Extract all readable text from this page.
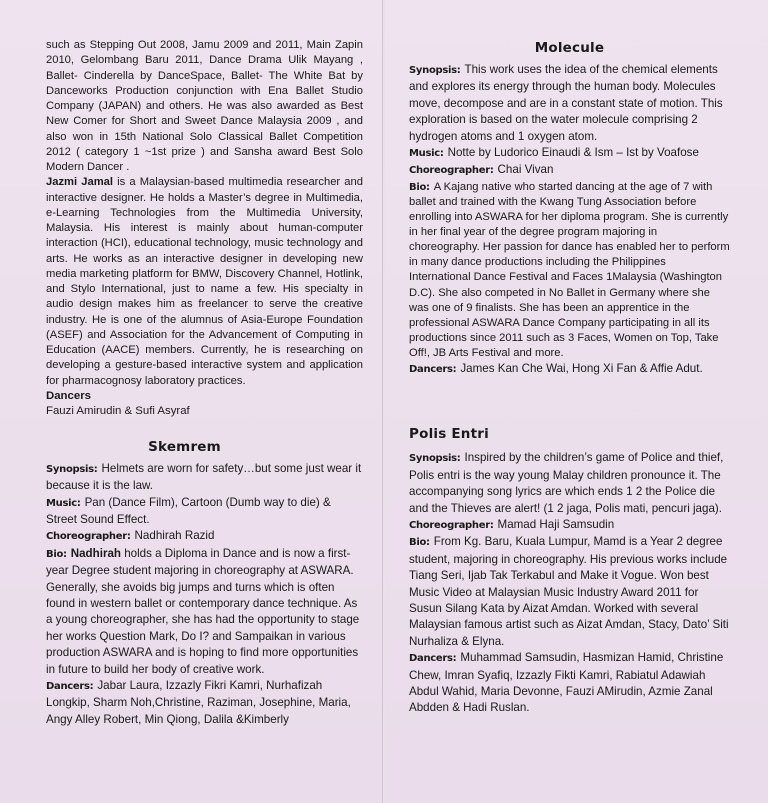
such as Stepping Out 2008, Jamu 2009 and 2011, Main Zapin 2010, Gelombang Baru 2011, Dance Drama Ulik Mayang , Ballet- Cinderella by DanceSpace, Ballet- The White Bat by Danceworks Production conjunction with Ena Ballet Studio Company (JAPAN) and others. He was also awarded as Best New Comer for Short and Sweet Dance Malaysia 2009 , and also won in 15th National Solo Classical Ballet Competition 2012 ( category 1 ~1st prize ) and Sansha award Best Solo Modern Dancer .

Jazmi Jamal is a Malaysian-based multimedia researcher and interactive designer. He holds a Master’s degree in Multimedia, e-Learning Technologies from the Multimedia University, Malaysia. His interest is mainly about human-computer interaction (HCI), educational technology, music technology and arts. He works as an interactive designer in developing new media marketing platform for BMW, Discovery Channel, Hotlink, and Stylo International, just to name a few. His specialty in audio design makes him as freelancer to serve the creative industry. He is one of the alumnus of Asia-Europe Foundation (ASEF) and Association for the Advancement of Computing in Education (AACE) members. Currently, he is researching on developing a gesture-based interactive system and application for pharmacognosy laboratory practices.

Dancers
Fauzi Amirudin & Sufi Asyraf
Skemrem

Synopsis: Helmets are worn for safety…but some just wear it because it is the law.

Music: Pan (Dance Film), Cartoon (Dumb way to die) & Street Sound Effect.

Choreographer: Nadhirah Razid

Bio: Nadhirah holds a Diploma in Dance and is now a first-year Degree student majoring in choreography at ASWARA. Generally, she avoids big jumps and turns which is often found in western ballet or contemporary dance technique. As a young choreographer, she has had the opportunity to stage her works Question Mark, Do I? and Sampaikan in various production ASWARA and is hoping to find more opportunities in future to build her body of creative work.

Dancers: Jabar Laura, Izzazly Fikri Kamri, Nurhafizah Longkip, Sharm Noh,Christine, Raziman, Josephine, Maria, Angy Alley Robert, Min Qiong, Dalila &Kimberly

Molecule

Synopsis: This work uses the idea of the chemical elements and explores its energy through the human body. Molecules move, decompose and are in a constant state of motion. This exploration is based on the water molecule comprising 2 hydrogen atoms and 1 oxygen atom.

Music: Notte by Ludorico Einaudi & Ism – Ist by Voafose

Choreographer: Chai Vivan

Bio: A Kajang native who started dancing at the age of 7 with ballet and trained with the Kwang Tung Association before enrolling into ASWARA for her diploma program. She is currently in her final year of the degree program majoring in choreography. Her passion for dance has enabled her to perform in many dance productions including the Philippines International Dance Festival and Faces 1Malaysia (Washington D.C). She also competed in No Ballet in Germany where she was one of 9 finalists. She has been an apprentice in the professional ASWARA Dance Company participating in all its productions since 2011 such as 3 Faces, Women on Top, Take Off!, JB Arts Festival and more.

Dancers: James Kan Che Wai, Hong Xi Fan & Affie Adut.

Polis Entri

Synopsis: Inspired by the children’s game of Police and thief, Polis entri is the way young Malay children pronounce it. The accompanying song lyrics are which ends 1 2 the Police die and the Thieves are alert! (1 2 jaga, Polis mati, pencuri jaga).

Choreographer: Mamad Haji Samsudin

Bio: From Kg. Baru, Kuala Lumpur, Mamd is a Year 2 degree student, majoring in choreography. His previous works include Tiang Seri, Ijab Tak Terkabul and Make it Vogue. Won best Music Video at Malaysian Music Industry Award 2011 for Susun Silang Kata by Aizat Amdan. Worked with several Malaysian famous artist such as Aizat Amdan, Stacy, Dato’ Siti Nurhaliza & Elyna.

Dancers: Muhammad Samsudin, Hasmizan Hamid, Christine Chew, Imran Syafiq, Izzazly Fikti Kamri, Rabiatul Adawiah Abdul Wahid, Maria Devonne, Fauzi AMirudin, Azmie Zanal Abdden & Hadi Ruslan.
